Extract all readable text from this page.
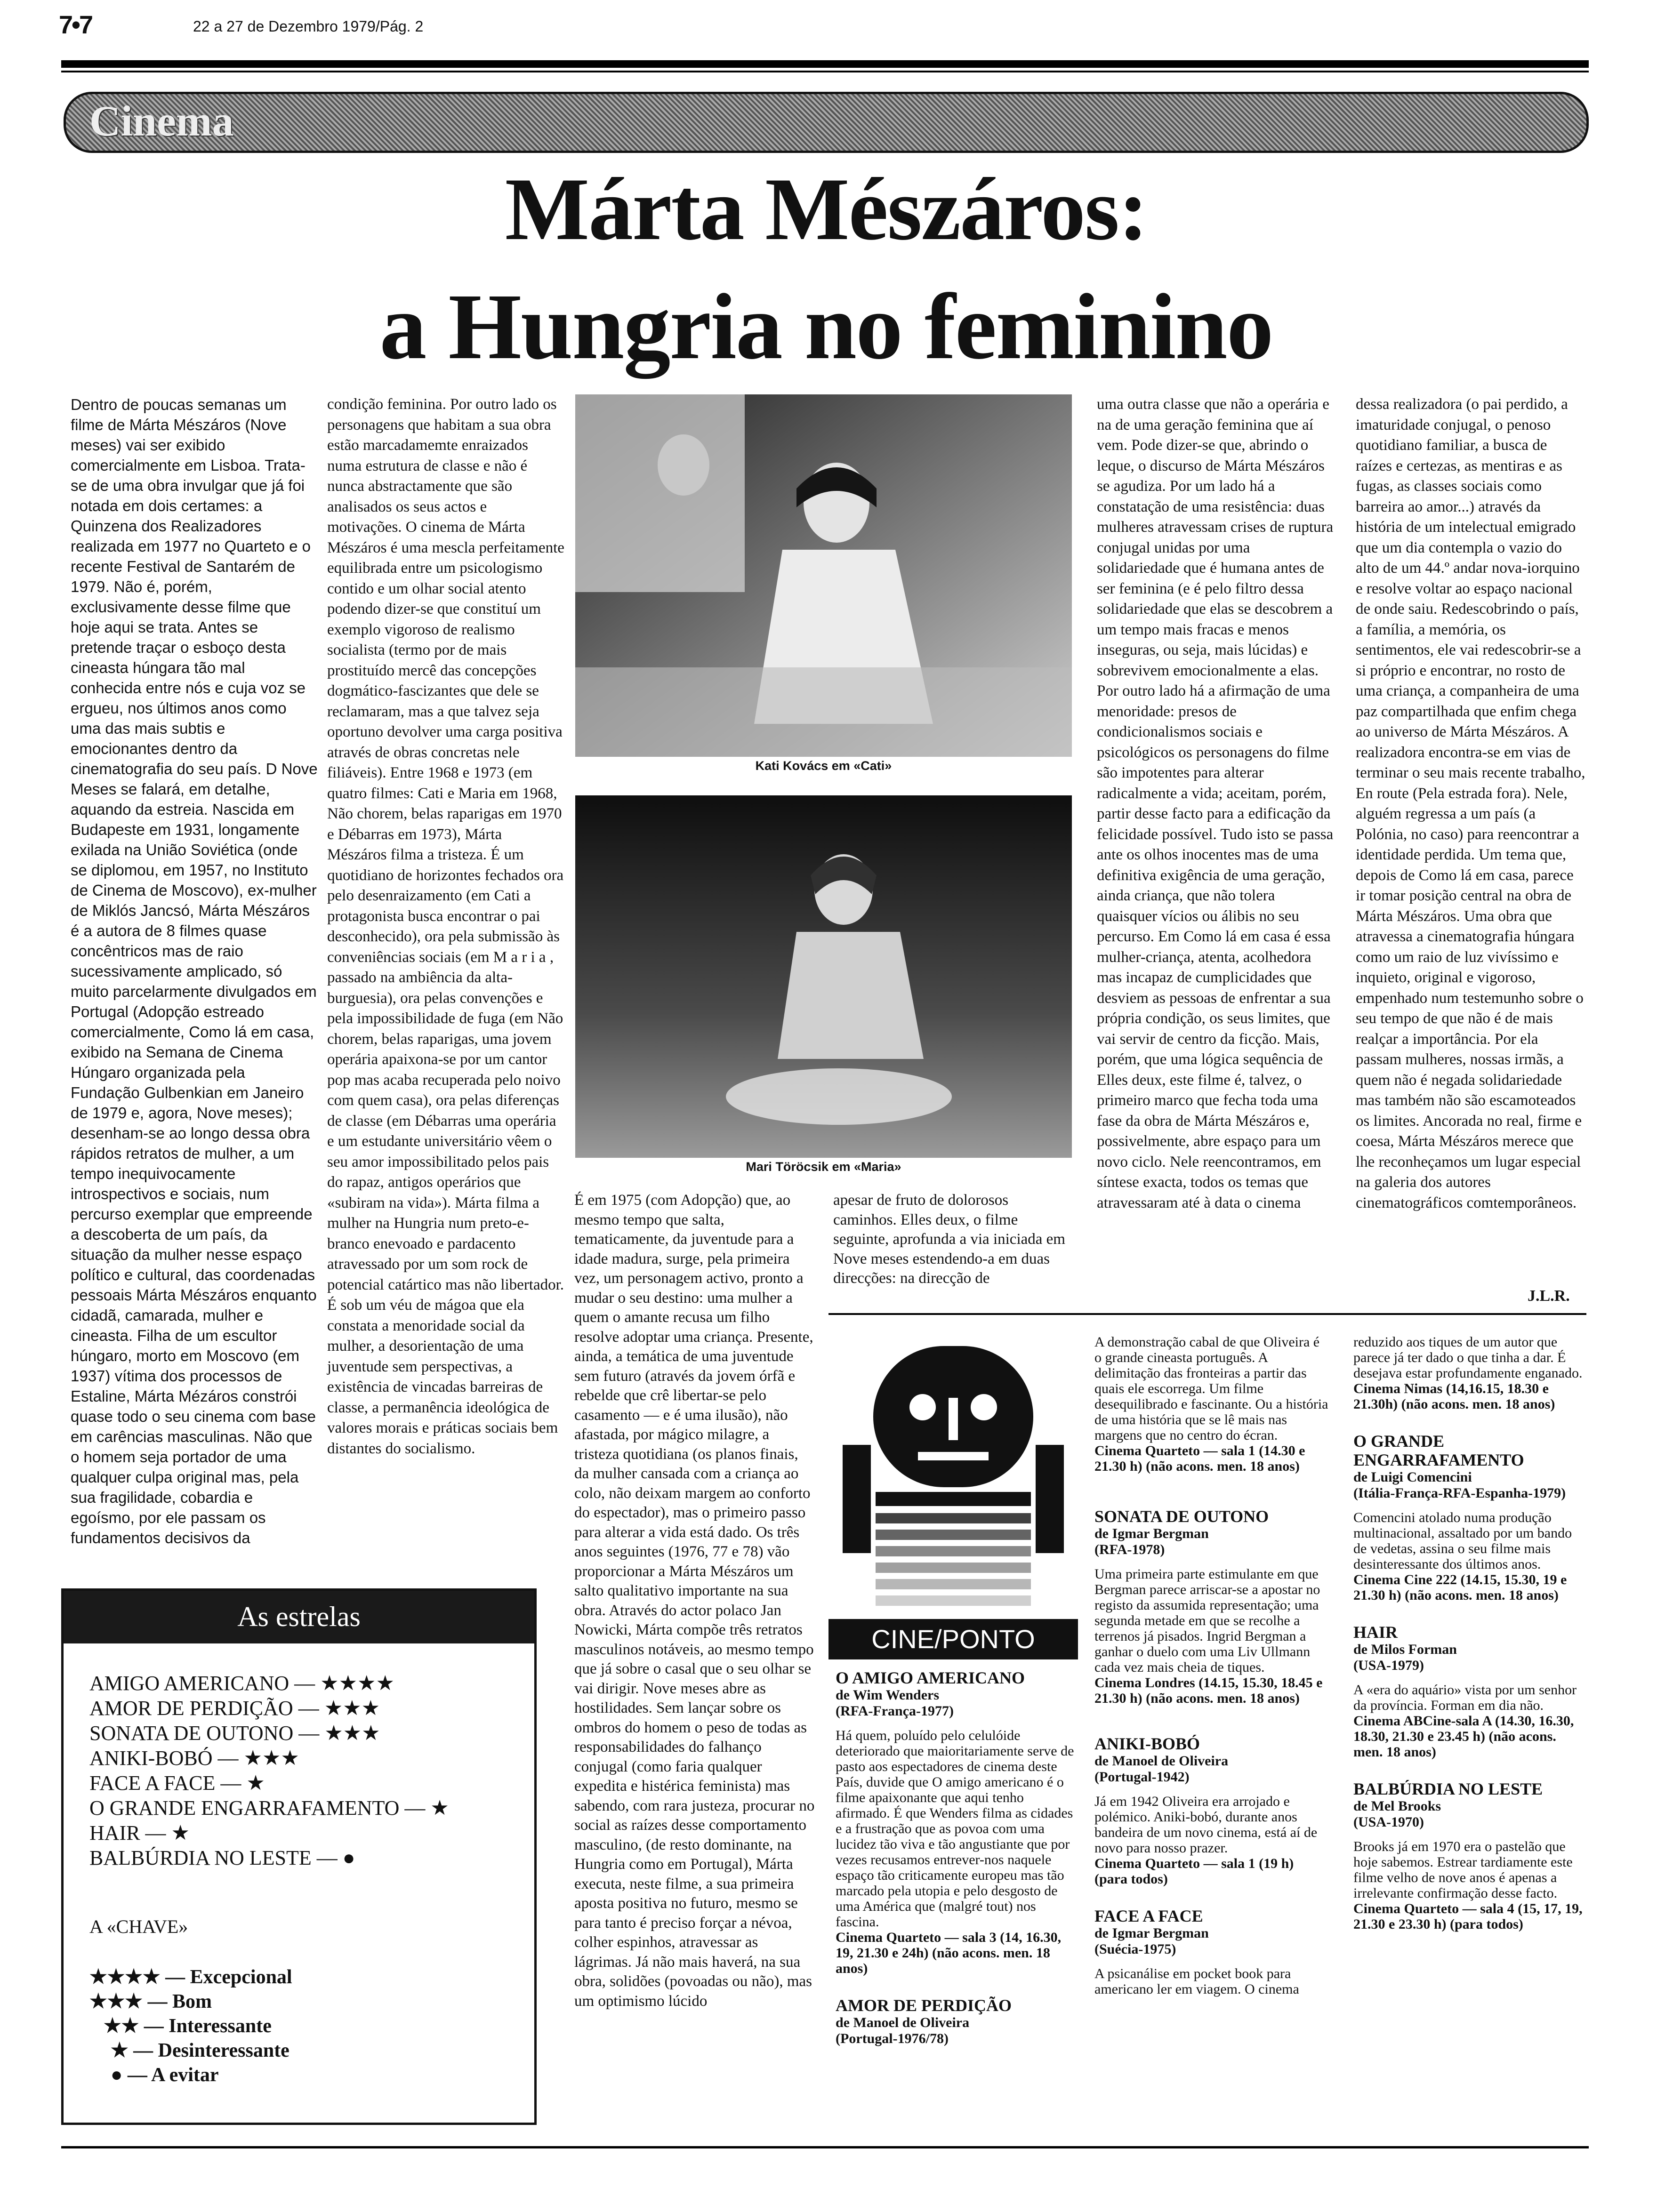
7•7	22 a 27 de Dezembro 1979/Pág. 2
Cinema
Márta Mészáros:
a Hungria no feminino

Dentro de poucas semanas um filme de Márta Mészáros (Nove meses) vai ser exibido comercialmente em Lisboa. Trata-se de uma obra invulgar que já foi notada em dois certames: a Quinzena dos Realizadores realizada em 1977 no Quarteto e o recente Festival de Santarém de 1979. Não é, porém, exclusivamente desse filme que hoje aqui se trata. Antes se pretende traçar o esboço desta cineasta húngara tão mal conhecida entre nós e cuja voz se ergueu, nos últimos anos como uma das mais subtis e emocionantes dentro da cinematografia do seu país. D Nove Meses se falará, em detalhe, aquando da estreia. Nascida em Budapeste em 1931, longamente exilada na União Soviética (onde se diplomou, em 1957, no Instituto de Cinema de Moscovo), ex-mulher de Miklós Jancsó, Márta Mészáros é a autora de 8 filmes quase concêntricos mas de raio sucessivamente amplicado, só muito parcelarmente divulgados em Portugal (Adopção estreado comercialmente, Como lá em casa, exibido na Semana de Cinema Húngaro organizada pela Fundação Gulbenkian em Janeiro de 1979 e, agora, Nove meses); desenham-se ao longo dessa obra rápidos retratos de mulher, a um tempo inequivocamente introspectivos e sociais, num percurso exemplar que empreende a descoberta de um país, da situação da mulher nesse espaço político e cultural, das coordenadas pessoais Márta Mészáros enquanto cidadã, camarada, mulher e cineasta. Filha de um escultor húngaro, morto em Moscovo (em 1937) vítima dos processos de Estaline, Márta Mézáros constrói quase todo o seu cinema com base em carências masculinas. Não que o homem seja portador de uma qualquer culpa original mas, pela sua fragilidade, cobardia e egoísmo, por ele passam os fundamentos decisivos da

condição feminina. Por outro lado os personagens que habitam a sua obra estão marcadamemte enraizados numa estrutura de classe e não é nunca abstractamente que são analisados os seus actos e motivações. O cinema de Márta Mészáros é uma mescla perfeitamente equilibrada entre um psicologismo contido e um olhar social atento podendo dizer-se que constituí um exemplo vigoroso de realismo socialista (termo por de mais prostituído mercê das concepções dogmático-fascizantes que dele se reclamaram, mas a que talvez seja oportuno devolver uma carga positiva através de obras concretas nele filiáveis). Entre 1968 e 1973 (em quatro filmes: Cati e Maria em 1968, Não chorem, belas raparigas em 1970 e Débarras em 1973), Márta Mészáros filma a tristeza. É um quotidiano de horizontes fechados ora pelo desenraizamento (em Cati a protagonista busca encontrar o pai desconhecido), ora pela submissão às conveniências sociais (em M a r i a , passado na ambiência da alta-burguesia), ora pelas convenções e pela impossibilidade de fuga (em Não chorem, belas raparigas, uma jovem operária apaixona-se por um cantor pop mas acaba recuperada pelo noivo com quem casa), ora pelas diferenças de classe (em Débarras uma operária e um estudante universitário vêem o seu amor impossibilitado pelos pais do rapaz, antigos operários que «subiram na vida»). Márta filma a mulher na Hungria num preto-e-branco enevoado e pardacento atravessado por um som rock de potencial catártico mas não libertador. É sob um véu de mágoa que ela constata a menoridade social da mulher, a desorientação de uma juventude sem perspectivas, a existência de vincadas barreiras de classe, a permanência ideológica de valores morais e práticas sociais bem distantes do socialismo.

Kati Kovács em «Cati»
Mari Töröcsik em «Maria»

É em 1975 (com Adopção) que, ao mesmo tempo que salta, tematicamente, da juventude para a idade madura, surge, pela primeira vez, um personagem activo, pronto a mudar o seu destino: uma mulher a quem o amante recusa um filho resolve adoptar uma criança. Presente, ainda, a temática de uma juventude sem futuro (através da jovem órfã e rebelde que crê libertar-se pelo casamento — e é uma ilusão), não afastada, por mágico milagre, a tristeza quotidiana (os planos finais, da mulher cansada com a criança ao colo, não deixam margem ao conforto do espectador), mas o primeiro passo para alterar a vida está dado. Os três anos seguintes (1976, 77 e 78) vão proporcionar a Márta Mészáros um salto qualitativo importante na sua obra. Através do actor polaco Jan Nowicki, Márta compõe três retratos masculinos notáveis, ao mesmo tempo que já sobre o casal que o seu olhar se vai dirigir. Nove meses abre as hostilidades. Sem lançar sobre os ombros do homem o peso de todas as responsabilidades do falhanço conjugal (como faria qualquer expedita e histérica feminista) mas sabendo, com rara justeza, procurar no social as raízes desse comportamento masculino, (de resto dominante, na Hungria como em Portugal), Márta executa, neste filme, a sua primeira aposta positiva no futuro, mesmo se para tanto é preciso forçar a névoa, colher espinhos, atravessar as lágrimas. Já não mais haverá, na sua obra, solidões (povoadas ou não), mas um optimismo lúcido

apesar de fruto de dolorosos caminhos. Elles deux, o filme seguinte, aprofunda a via iniciada em Nove meses estendendo-a em duas direcções: na direcção de

uma outra classe que não a operária e na de uma geração feminina que aí vem. Pode dizer-se que, abrindo o leque, o discurso de Márta Mészáros se agudiza. Por um lado há a constatação de uma resistência: duas mulheres atravessam crises de ruptura conjugal unidas por uma solidariedade que é humana antes de ser feminina (e é pelo filtro dessa solidariedade que elas se descobrem a um tempo mais fracas e menos inseguras, ou seja, mais lúcidas) e sobrevivem emocionalmente a elas. Por outro lado há a afirmação de uma menoridade: presos de condicionalismos sociais e psicológicos os personagens do filme são impotentes para alterar radicalmente a vida; aceitam, porém, partir desse facto para a edificação da felicidade possível. Tudo isto se passa ante os olhos inocentes mas de uma definitiva exigência de uma geração, ainda criança, que não tolera quaisquer vícios ou álibis no seu percurso. Em Como lá em casa é essa mulher-criança, atenta, acolhedora mas incapaz de cumplicidades que desviem as pessoas de enfrentar a sua própria condição, os seus limites, que vai servir de centro da ficção. Mais, porém, que uma lógica sequência de Elles deux, este filme é, talvez, o primeiro marco que fecha toda uma fase da obra de Márta Mészáros e, possivelmente, abre espaço para um novo ciclo. Nele reencontramos, em síntese exacta, todos os temas que atravessaram até à data o cinema

dessa realizadora (o pai perdido, a imaturidade conjugal, o penoso quotidiano familiar, a busca de raízes e certezas, as mentiras e as fugas, as classes sociais como barreira ao amor...) através da história de um intelectual emigrado que um dia contempla o vazio do alto de um 44.º andar nova-iorquino e resolve voltar ao espaço nacional de onde saiu. Redescobrindo o país, a família, a memória, os sentimentos, ele vai redescobrir-se a si próprio e encontrar, no rosto de uma criança, a companheira de uma paz compartilhada que enfim chega ao universo de Márta Mészáros. A realizadora encontra-se em vias de terminar o seu mais recente trabalho, En route (Pela estrada fora). Nele, alguém regressa a um país (a Polónia, no caso) para reencontrar a identidade perdida. Um tema que, depois de Como lá em casa, parece ir tomar posição central na obra de Márta Mészáros. Uma obra que atravessa a cinematografia húngara como um raio de luz vivíssimo e inquieto, original e vigoroso, empenhado num testemunho sobre o seu tempo de que não é de mais realçar a importância. Por ela passam mulheres, nossas irmãs, a quem não é negada solidariedade mas também não são escamoteados os limites. Ancorada no real, firme e coesa, Márta Mészáros merece que lhe reconheçamos um lugar especial na galeria dos autores cinematográficos comtemporâneos.

J.L.R.
As estrelas
AMIGO AMERICANO — ★★★★
AMOR DE PERDIÇÃO — ★★★
SONATA DE OUTONO — ★★★
ANIKI-BOBÓ — ★★★
FACE A FACE — ★
O GRANDE ENGARRAFAMENTO — ★
HAIR — ★
BALBÚRDIA NO LESTE — ●
A «CHAVE»
★★★★ — Excepcional
★★★ — Bom
★★ — Interessante
★ — Desinteressante
● — A evitar
CINE/PONTO

O AMIGO AMERICANO

de Wim Wenders

(RFA-França-1977)

Há quem, poluído pelo celulóide deteriorado que maioritariamente serve de pasto aos espectadores de cinema deste País, duvide que O amigo americano é o filme apaixonante que aqui tenho afirmado. É que Wenders filma as cidades e a frustração que as povoa com uma lucidez tão viva e tão angustiante que por vezes recusamos entrever-nos naquele espaço tão criticamente europeu mas tão marcado pela utopia e pelo desgosto de uma América que (malgré tout) nos fascina.

Cinema Quarteto — sala 3 (14, 16.30, 19, 21.30 e 24h) (não acons. men. 18 anos)

AMOR DE PERDIÇÃO

de Manoel de Oliveira

(Portugal-1976/78)

A demonstração cabal de que Oliveira é o grande cineasta português. A delimitação das fronteiras a partir das quais ele escorrega. Um filme desequilibrado e fascinante. Ou a história de uma história que se lê mais nas margens que no centro do écran.

Cinema Quarteto — sala 1 (14.30 e 21.30 h) (não acons. men. 18 anos)

SONATA DE OUTONO

de Igmar Bergman

(RFA-1978)

Uma primeira parte estimulante em que Bergman parece arriscar-se a apostar no registo da assumida representação; uma segunda metade em que se recolhe a terrenos já pisados. Ingrid Bergman a ganhar o duelo com uma Liv Ullmann cada vez mais cheia de tiques.

Cinema Londres (14.15, 15.30, 18.45 e 21.30 h) (não acons. men. 18 anos)

ANIKI-BOBÓ

de Manoel de Oliveira

(Portugal-1942)

Já em 1942 Oliveira era arrojado e polémico. Aniki-bobó, durante anos bandeira de um novo cinema, está aí de novo para nosso prazer.

Cinema Quarteto — sala 1 (19 h) (para todos)

FACE A FACE

de Igmar Bergman

(Suécia-1975)

A psicanálise em pocket book para americano ler em viagem. O cinema

reduzido aos tiques de um autor que parece já ter dado o que tinha a dar. É desejava estar profundamente enganado.

Cinema Nimas (14,16.15, 18.30 e 21.30h) (não acons. men. 18 anos)

O GRANDE ENGARRAFAMENTO

de Luigi Comencini

(Itália-França-RFA-Espanha-1979)

Comencini atolado numa produção multinacional, assaltado por um bando de vedetas, assina o seu filme mais desinteressante dos últimos anos.

Cinema Cine 222 (14.15, 15.30, 19 e 21.30 h) (não acons. men. 18 anos)

HAIR

de Milos Forman

(USA-1979)

A «era do aquário» vista por um senhor da província. Forman em dia não.

Cinema ABCine-sala A (14.30, 16.30, 18.30, 21.30 e 23.45 h) (não acons. men. 18 anos)

BALBÚRDIA NO LESTE

de Mel Brooks

(USA-1970)

Brooks já em 1970 era o pastelão que hoje sabemos. Estrear tardiamente este filme velho de nove anos é apenas a irrelevante confirmação desse facto.

Cinema Quarteto — sala 4 (15, 17, 19, 21.30 e 23.30 h) (para todos)
